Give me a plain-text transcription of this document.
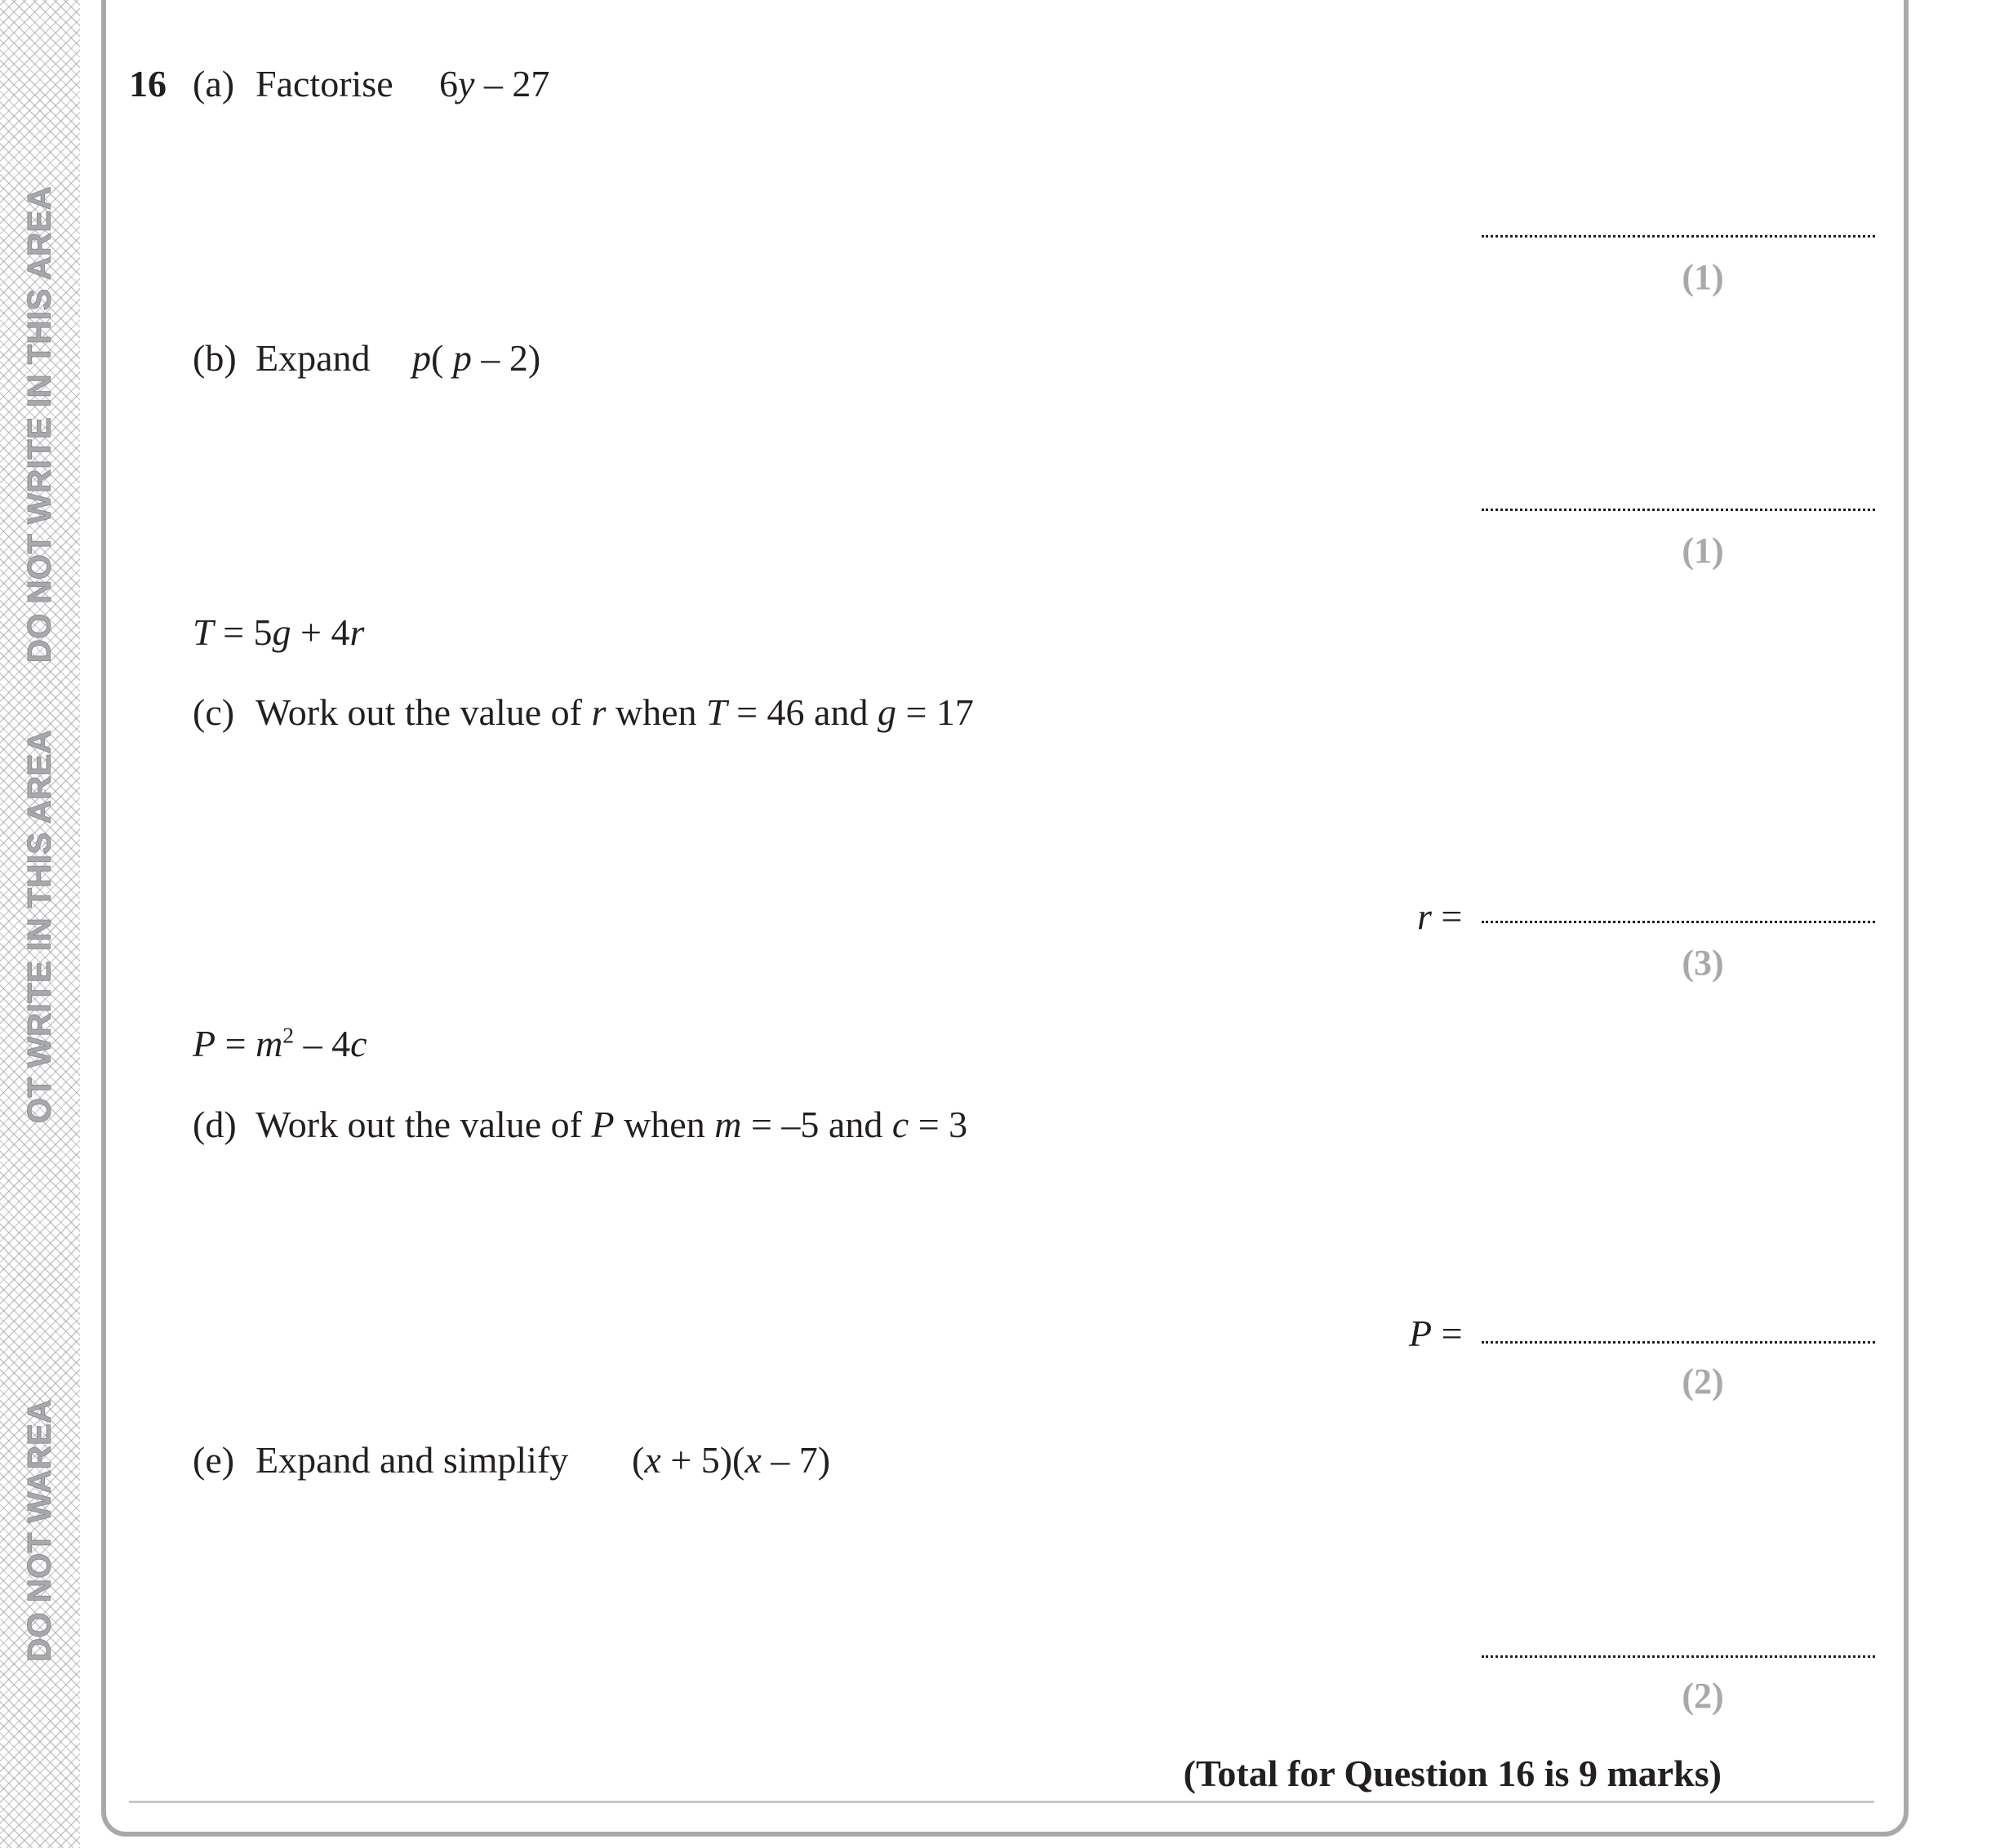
OT WRITE IN THIS AREA
DO NOT WRITE IN THIS AREA
DO NOT WAREA
16 (a) Factorise 6y – 27
(1)
(b) Expand p( p – 2)
(1)
T = 5g + 4r
(c) Work out the value of r when T = 46 and g = 17
r =
(3)
$P = m^2 - 4c$
(d) Work out the value of P when m = –5 and c = 3
P =
(2)
(e) Expand and simplify (x + 5)(x – 7)
(2)
(Total for Question 16 is 9 marks)
